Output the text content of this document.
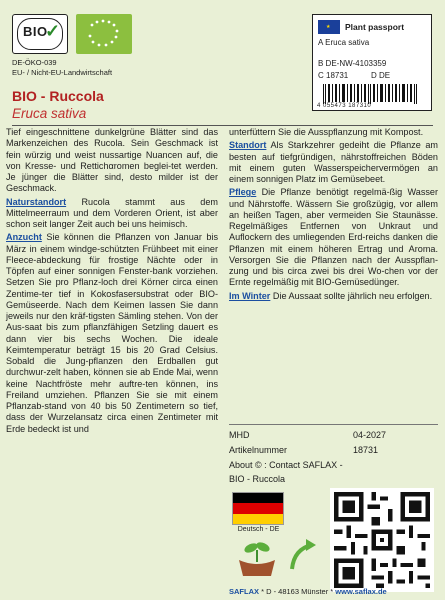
BIO
✓
DE-ÖKO-039
EU- / Nicht-EU-Landwirtschaft
★ Plant passport
A Eruca sativa
B DE-NW-4103359
C 18731	D DE
4 055473 187310
BIO - Ruccola
Eruca sativa

Tief eingeschnittene dunkelgrüne Blätter sind das Markenzeichen des Rucola. Sein Geschmack ist fein würzig und weist nussartige Nuancen auf, die von Kresse- und Rettichαromen beglei-tet werden. Je jünger die Blätter sind, desto milder ist der Geschmack.

Naturstandort Rucola stammt aus dem Mittelmeerraum und dem Vorderen Orient, ist aber schon seit langer Zeit auch bei uns heimisch.

Anzucht Sie können die Pflanzen von Januar bis März in einem windge-schützten Frühbeet mit einer Fleece-abdeckung für frostige Nächte oder in Töpfen auf einer sonnigen Fenster-bank vorziehen. Setzen Sie pro Pflanz-loch drei Körner circa einen Zentime-ter tief in Kokosfasersubstrat oder BIO-Gemüseerde. Nach dem Keimen lassen Sie dann jeweils nur den kräf-tigsten Sämling stehen. Von der Aus-saat bis zum pflanzfähigen Setzling dauert es dann vier bis sechs Wochen. Die ideale Keimtemperatur beträgt 15 bis 20 Grad Celsius. Sobald die Jung-pflanzen den Erdballen gut durchwur-zelt haben, können sie ab Ende Mai, wenn keine Nachtfröste mehr auftre-ten können, ins Freiland umziehen. Pflanzen Sie sie mit einem Pflanzab-stand von 40 bis 50 Zentimetern so tief, dass der Wurzelansatz circa einen Zentimeter mit Erde bedeckt ist und

unterfüttern Sie die Ausspflanzung mit Kompost.

Standort Als Starkzehrer gedeiht die Pflanze am besten auf tiefgründigen, nährstoffreichen Böden mit einem guten Wasserspeichervermögen an einem sonnigen Platz im Gemüsebeet.

Pflege Die Pflanze benötigt regelmä-ßig Wasser und Nährstoffe. Wässern Sie großzügig, vor allem an heißen Tagen, aber vermeiden Sie Staunässe. Regelmäßiges Entfernen von Unkraut und Auflockern des umliegenden Erd-reichs danken die Pflanzen mit einem höheren Ertrag und Aroma. Versorgen Sie die Pflanzen nach der Ausspflan-zung und bis circa zwei bis drei Wo-chen vor der Ernte regelmäßig mit BIO-Gemüsedünger.

Im Winter Die Aussaat sollte jährlich neu erfolgen.

MHD	04-2027
Artikelnummer	18731
About © : Contact SAFLAX -
BIO - Ruccola
Deutsch - DE
SAFLAX * D - 48163 Münster * www.saflax.de
